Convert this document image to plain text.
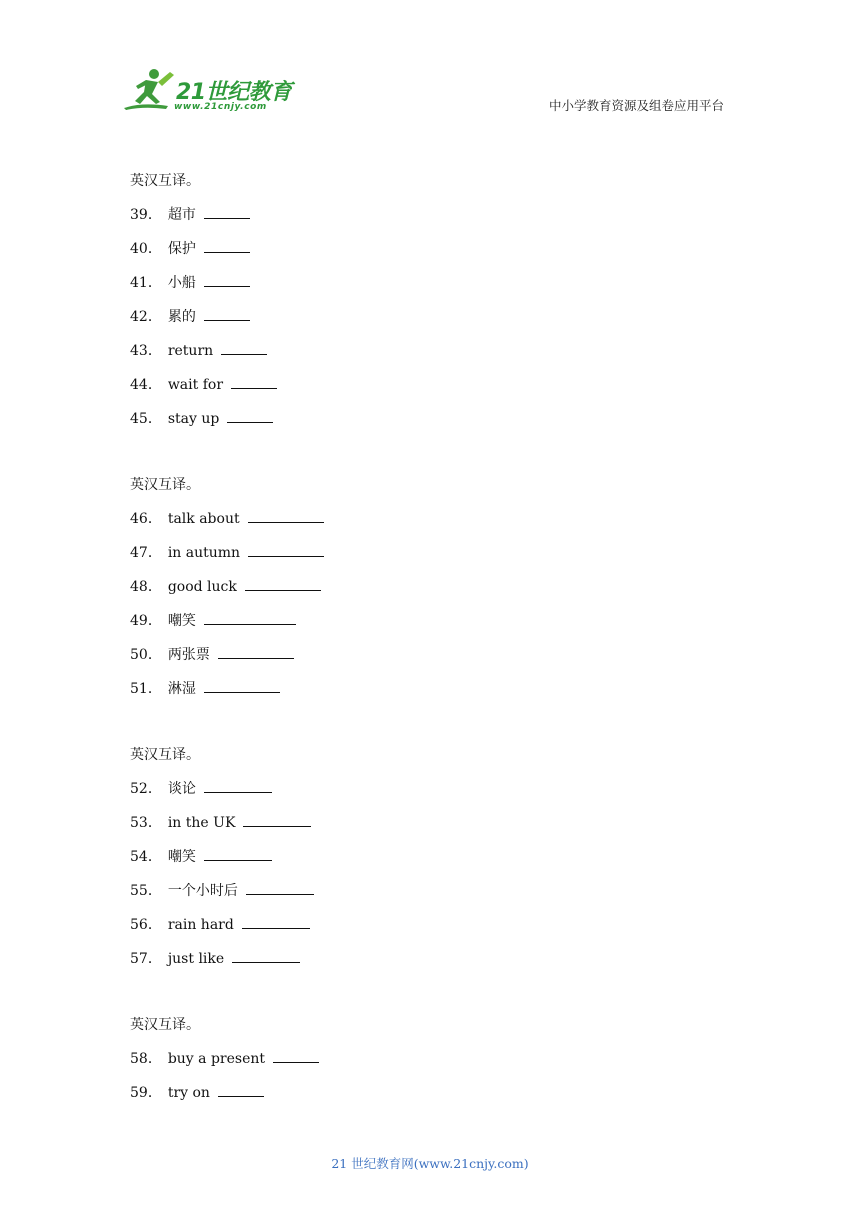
21世纪教育
www.21cnjy.com	中小学教育资源及组卷应用平台
英汉互译。
39． 超市
40． 保护
41． 小船
42． 累的
43． return
44． wait for
45． stay up
英汉互译。
46． talk about
47． in autumn
48． good luck
49． 嘲笑
50． 两张票
51． 淋湿
英汉互译。
52． 谈论
53． in the UK
54． 嘲笑
55． 一个小时后
56． rain hard
57． just like
英汉互译。
58． buy a present
59． try on
21 世纪教育网(www.21cnjy.com)
